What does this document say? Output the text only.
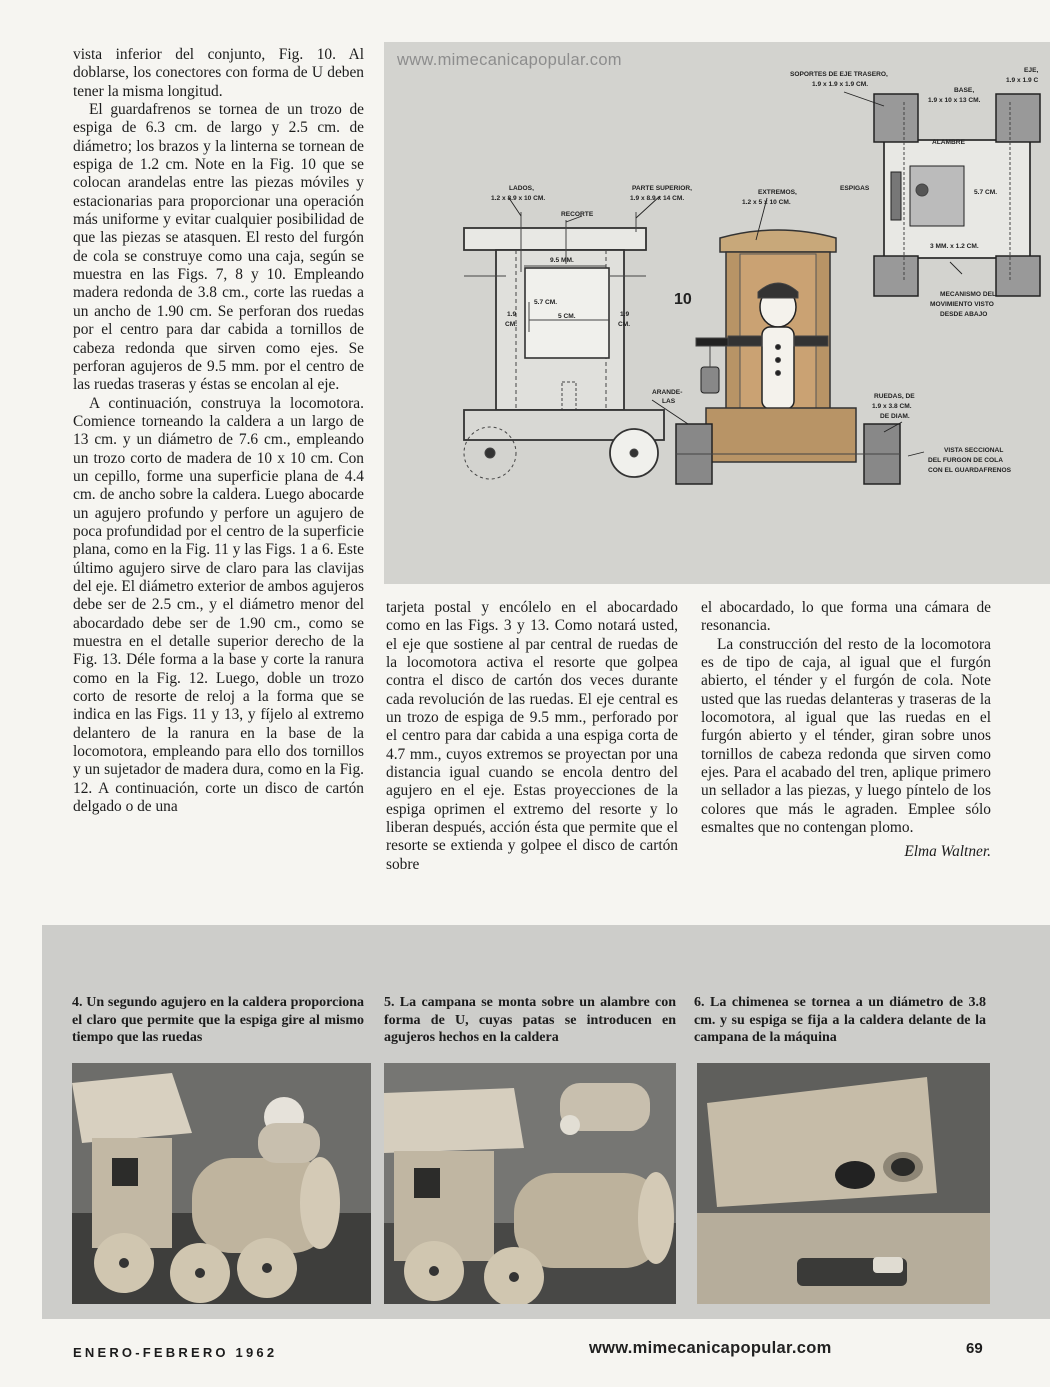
vista inferior del conjunto, Fig. 10. Al doblarse, los conectores con forma de U deben tener la misma longitud.

El guardafrenos se tornea de un trozo de espiga de 6.3 cm. de largo y 2.5 cm. de diámetro; los brazos y la linterna se tornean de espiga de 1.2 cm. Note en la Fig. 10 que se colocan arandelas entre las piezas móviles y estacionarias para proporcionar una operación más uniforme y evitar cualquier posibilidad de que las piezas se atasquen. El resto del furgón de cola se construye como una caja, según se muestra en las Figs. 7, 8 y 10. Empleando madera redonda de 3.8 cm., corte las ruedas a un ancho de 1.90 cm. Se perforan dos ruedas por el centro para dar cabida a tornillos de cabeza redonda que sirven como ejes. Se perforan agujeros de 9.5 mm. por el centro de las ruedas traseras y éstas se encolan al eje.

A continuación, construya la locomotora. Comience torneando la caldera a un largo de 13 cm. y un diámetro de 7.6 cm., empleando un trozo corto de madera de 10 x 10 cm. Con un cepillo, forme una superficie plana de 4.4 cm. de ancho sobre la caldera. Luego abocarde un agujero profundo y perfore un agujero de poca profundidad por el centro de la superficie plana, como en la Fig. 11 y las Figs. 1 a 6. Este último agujero sirve de claro para las clavijas del eje. El diámetro exterior de ambos agujeros debe ser de 2.5 cm., y el diámetro menor del abocardado debe ser de 1.90 cm., como se muestra en el detalle superior derecho de la Fig. 13. Déle forma a la base y corte la ranura como en la Fig. 12. Luego, doble un trozo corto de resorte de reloj a la forma que se indica en las Figs. 11 y 13, y fíjelo al extremo delantero de la ranura en la base de la locomotora, empleando para ello dos tornillos y un sujetador de madera dura, como en la Fig. 12. A continuación, corte un disco de cartón delgado o de una

LADOS,
1.2 x 8.9 x 10 CM.
PARTE SUPERIOR,
1.9 x 8.9 x 14 CM.
RECORTE
9.5 MM.
5.7 CM.
5 CM.
1.9
CM.
1.9
CM.
10
EXTREMOS,
1.2 x 5 x 10 CM.
ARANDE-
LAS
RUEDAS, DE
1.9 x 3.8 CM.
DE DIAM.
VISTA SECCIONAL
DEL FURGON DE COLA
CON EL GUARDAFRENOS
SOPORTES DE EJE TRASERO,
1.9 x 1.9 x 1.9 CM.
BASE,
1.9 x 10 x 13 CM.
EJE,
1.9 x 1.9 C
ALAMBRE
ESPIGAS
5.7 CM.
3 MM. x 1.2 CM.
MECANISMO DEL
MOVIMIENTO VISTO
DESDE ABAJO
www.mimecanicapopular.com

tarjeta postal y encólelo en el abocardado como en las Figs. 3 y 13. Como notará usted, el eje que sostiene al par central de ruedas de la locomotora activa el resorte que golpea contra el disco de cartón dos veces durante cada revolución de las ruedas. El eje central es un trozo de espiga de 9.5 mm., perforado por el centro para dar cabida a una espiga corta de 4.7 mm., cuyos extremos se proyectan por una distancia igual cuando se encola dentro del agujero en el eje. Estas proyecciones de la espiga oprimen el extremo del resorte y lo liberan después, acción ésta que permite que el resorte se extienda y golpee el disco de cartón sobre

el abocardado, lo que forma una cámara de resonancia.

La construcción del resto de la locomotora es de tipo de caja, al igual que el furgón abierto, el ténder y el furgón de cola. Note usted que las ruedas delanteras y traseras de la locomotora, al igual que las ruedas en el furgón abierto y el ténder, giran sobre unos tornillos de cabeza redonda que sirven como ejes. Para el acabado del tren, aplique primero un sellador a las piezas, y luego píntelo de los colores que más le agraden. Emplee sólo esmaltes que no contengan plomo.

Elma Waltner.

4. Un segundo agujero en la caldera proporciona el claro que permite que la espiga gire al mismo tiempo que las ruedas
5. La campana se monta sobre un alambre con forma de U, cuyas patas se introducen en agujeros hechos en la caldera
6. La chimenea se tornea a un diámetro de 3.8 cm. y su espiga se fija a la caldera delante de la campana de la máquina
ENERO-FEBRERO 1962	www.mimecanicapopular.com	69
